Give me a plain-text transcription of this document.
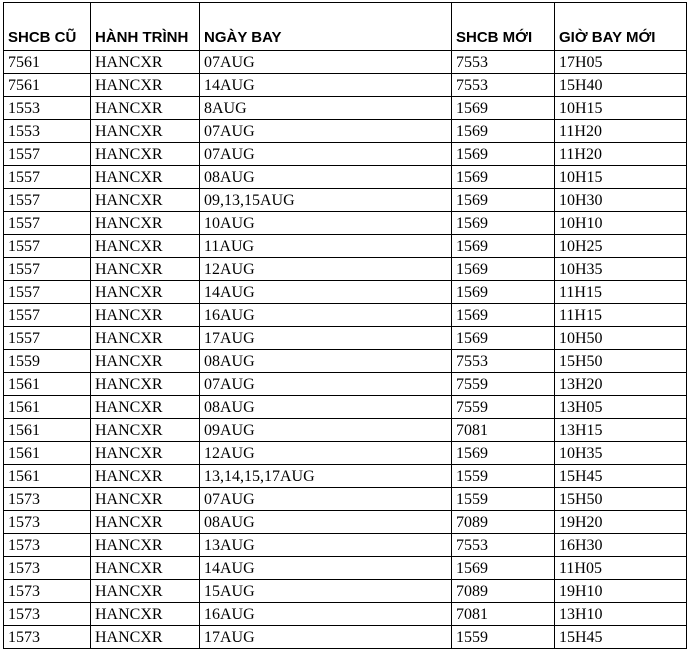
SHCB CŨ	HÀNH TRÌNH	NGÀY BAY	SHCB MỚI	GIỜ BAY MỚI
7561	HANCXR	07AUG	7553	17H05
7561	HANCXR	14AUG	7553	15H40
1553	HANCXR	8AUG	1569	10H15
1553	HANCXR	07AUG	1569	11H20
1557	HANCXR	07AUG	1569	11H20
1557	HANCXR	08AUG	1569	10H15
1557	HANCXR	09,13,15AUG	1569	10H30
1557	HANCXR	10AUG	1569	10H10
1557	HANCXR	11AUG	1569	10H25
1557	HANCXR	12AUG	1569	10H35
1557	HANCXR	14AUG	1569	11H15
1557	HANCXR	16AUG	1569	11H15
1557	HANCXR	17AUG	1569	10H50
1559	HANCXR	08AUG	7553	15H50
1561	HANCXR	07AUG	7559	13H20
1561	HANCXR	08AUG	7559	13H05
1561	HANCXR	09AUG	7081	13H15
1561	HANCXR	12AUG	1569	10H35
1561	HANCXR	13,14,15,17AUG	1559	15H45
1573	HANCXR	07AUG	1559	15H50
1573	HANCXR	08AUG	7089	19H20
1573	HANCXR	13AUG	7553	16H30
1573	HANCXR	14AUG	1569	11H05
1573	HANCXR	15AUG	7089	19H10
1573	HANCXR	16AUG	7081	13H10
1573	HANCXR	17AUG	1559	15H45
